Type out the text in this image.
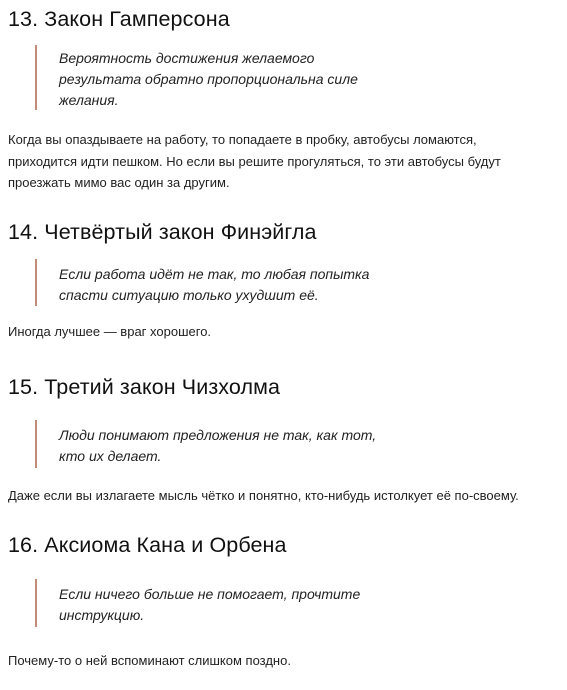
13. Закон Гамперсона
Вероятность достижения желаемого
результата обратно пропорциональна силе
желания.
Когда вы опаздываете на работу, то попадаете в пробку, автобусы ломаются,
приходится идти пешком. Но если вы решите прогуляться, то эти автобусы будут
проезжать мимо вас один за другим.
14. Четвёртый закон Финэйгла
Если работа идёт не так, то любая попытка
спасти ситуацию только ухудшит её.
Иногда лучшее — враг хорошего.
15. Третий закон Чизхолма
Люди понимают предложения не так, как тот,
кто их делает.
Даже если вы излагаете мысль чётко и понятно, кто-нибудь истолкует её по-своему.
16. Аксиома Кана и Орбена
Если ничего больше не помогает, прочтите
инструкцию.
Почему-то о ней вспоминают слишком поздно.
